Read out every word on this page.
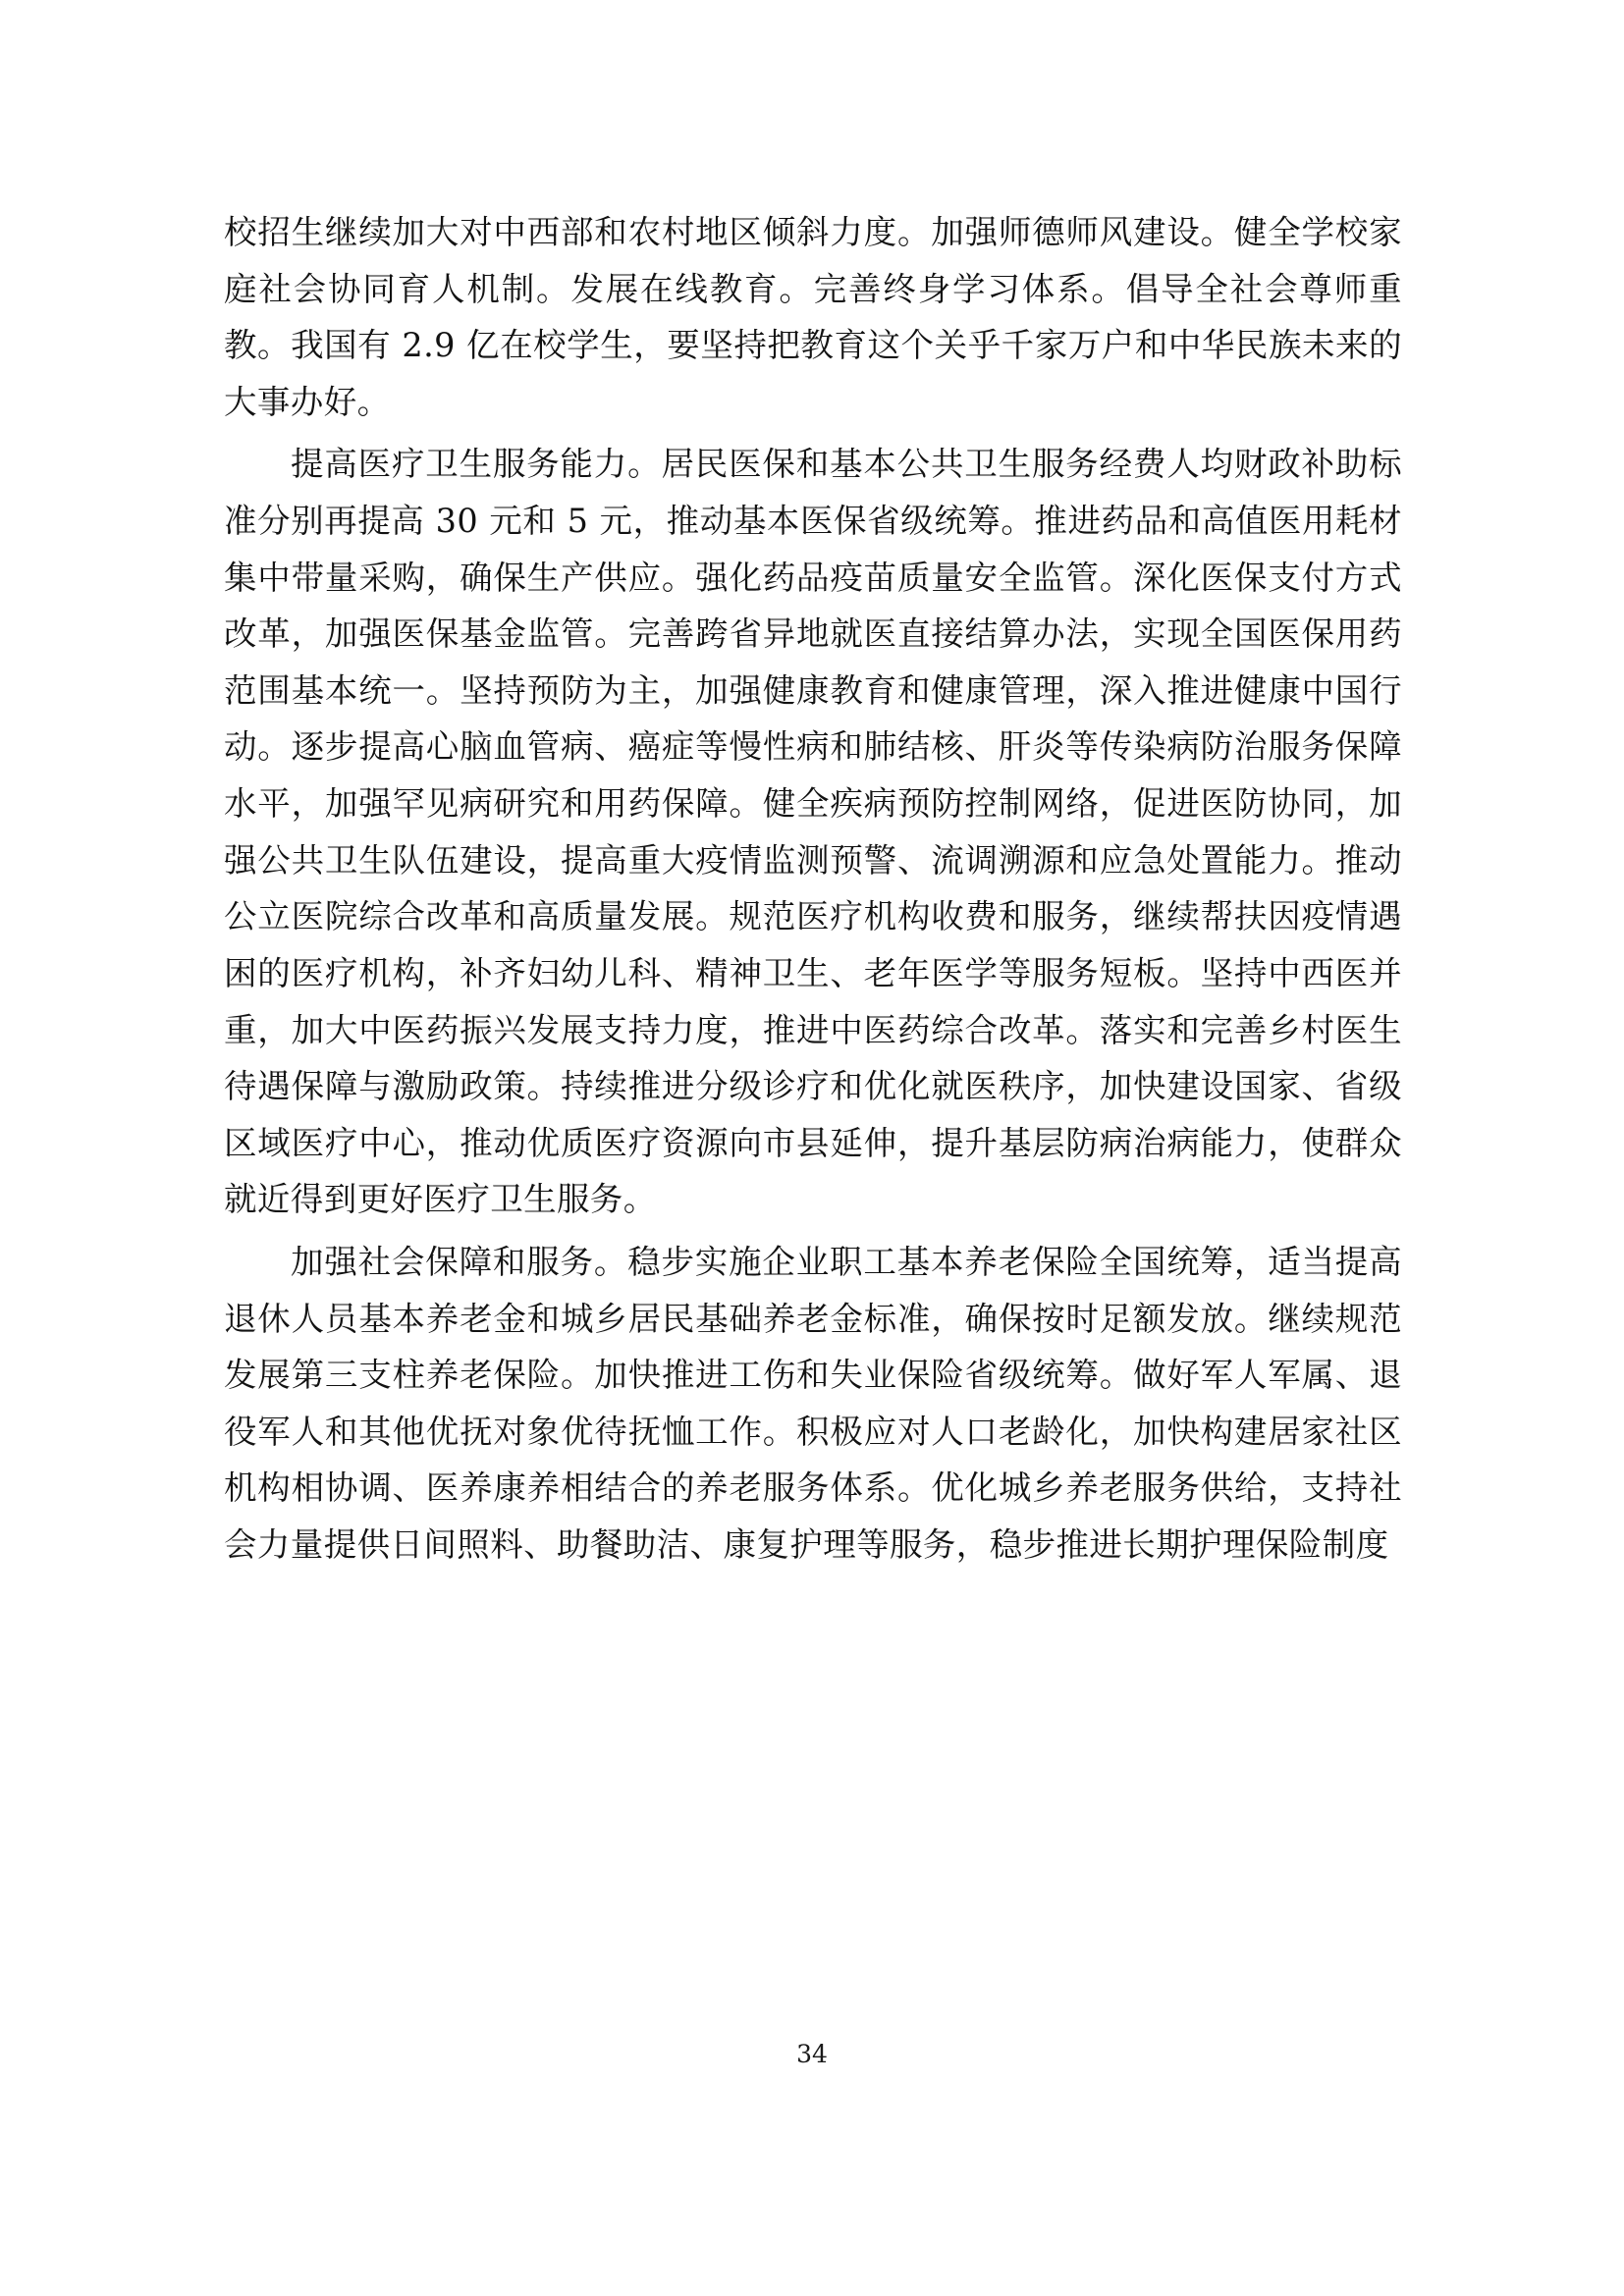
校招生继续加大对中西部和农村地区倾斜力度。加强师德师风建设。健全学校家庭社会协同育人机制。发展在线教育。完善终身学习体系。倡导全社会尊师重教。我国有 2.9 亿在校学生，要坚持把教育这个关乎千家万户和中华民族未来的大事办好。

提高医疗卫生服务能力。居民医保和基本公共卫生服务经费人均财政补助标准分别再提高 30 元和 5 元，推动基本医保省级统筹。推进药品和高值医用耗材集中带量采购，确保生产供应。强化药品疫苗质量安全监管。深化医保支付方式改革，加强医保基金监管。完善跨省异地就医直接结算办法，实现全国医保用药范围基本统一。坚持预防为主，加强健康教育和健康管理，深入推进健康中国行动。逐步提高心脑血管病、癌症等慢性病和肺结核、肝炎等传染病防治服务保障水平，加强罕见病研究和用药保障。健全疾病预防控制网络，促进医防协同，加强公共卫生队伍建设，提高重大疫情监测预警、流调溯源和应急处置能力。推动公立医院综合改革和高质量发展。规范医疗机构收费和服务，继续帮扶因疫情遇困的医疗机构，补齐妇幼儿科、精神卫生、老年医学等服务短板。坚持中西医并重，加大中医药振兴发展支持力度，推进中医药综合改革。落实和完善乡村医生待遇保障与激励政策。持续推进分级诊疗和优化就医秩序，加快建设国家、省级区域医疗中心，推动优质医疗资源向市县延伸，提升基层防病治病能力，使群众就近得到更好医疗卫生服务。

加强社会保障和服务。稳步实施企业职工基本养老保险全国统筹，适当提高退休人员基本养老金和城乡居民基础养老金标准，确保按时足额发放。继续规范发展第三支柱养老保险。加快推进工伤和失业保险省级统筹。做好军人军属、退役军人和其他优抚对象优待抚恤工作。积极应对人口老龄化，加快构建居家社区机构相协调、医养康养相结合的养老服务体系。优化城乡养老服务供给，支持社会力量提供日间照料、助餐助洁、康复护理等服务，稳步推进长期护理保险制度

34
